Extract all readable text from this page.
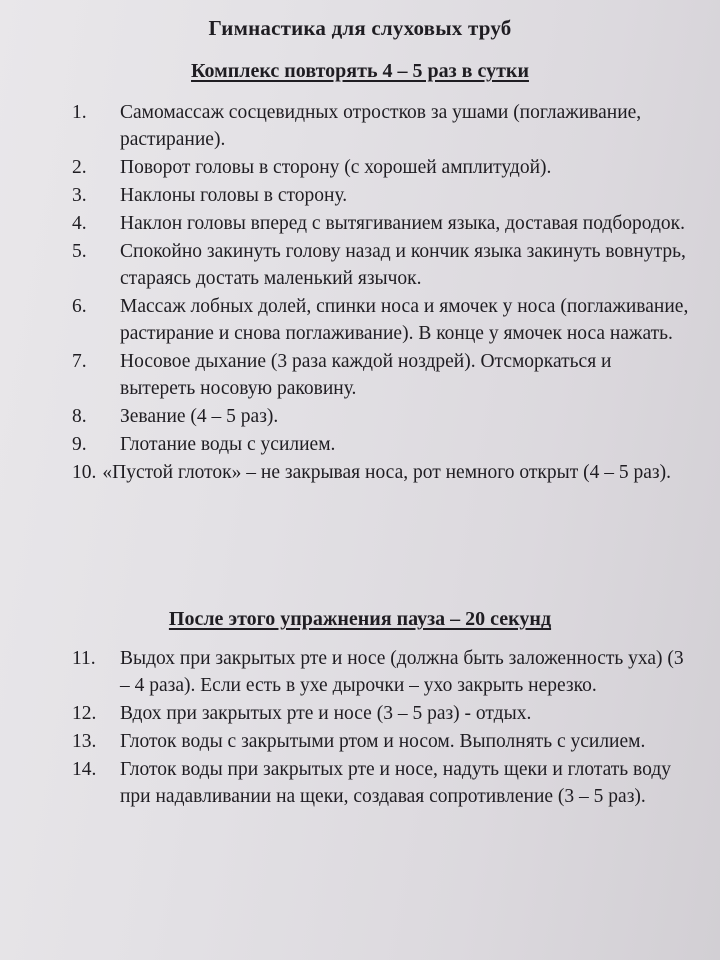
Гимнастика для слуховых труб
Комплекс повторять 4 – 5 раз в сутки
1.	Самомассаж сосцевидных отростков за ушами (поглаживание, растирание).
2.	Поворот головы в сторону (с хорошей амплитудой).
3.	Наклоны головы в сторону.
4.	Наклон головы вперед с вытягиванием языка, доставая подбородок.
5.	Спокойно закинуть голову назад и кончик языка закинуть вовнутрь, стараясь достать маленький язычок.
6.	Массаж лобных долей, спинки носа и ямочек у носа (поглаживание, растирание и снова поглаживание). В конце у ямочек носа нажать.
7.	Носовое дыхание (3 раза каждой ноздрей). Отсморкаться и вытереть носовую раковину.
8.	Зевание (4 – 5 раз).
9.	Глотание воды с усилием.
10. «Пустой глоток» – не закрывая носа, рот немного открыт (4 – 5 раз).
После этого упражнения пауза – 20 секунд
11.	Выдох при закрытых рте и носе (должна быть заложенность уха) (3 – 4 раза). Если есть в ухе дырочки – ухо закрыть нерезко.
12.	Вдох при закрытых рте и носе (3 – 5 раз) - отдых.
13.	Глоток воды с закрытыми ртом и носом. Выполнять с усилием.
14.	Глоток воды при закрытых рте и носе, надуть щеки и глотать воду при надавливании на щеки, создавая сопротивление (3 – 5 раз).
